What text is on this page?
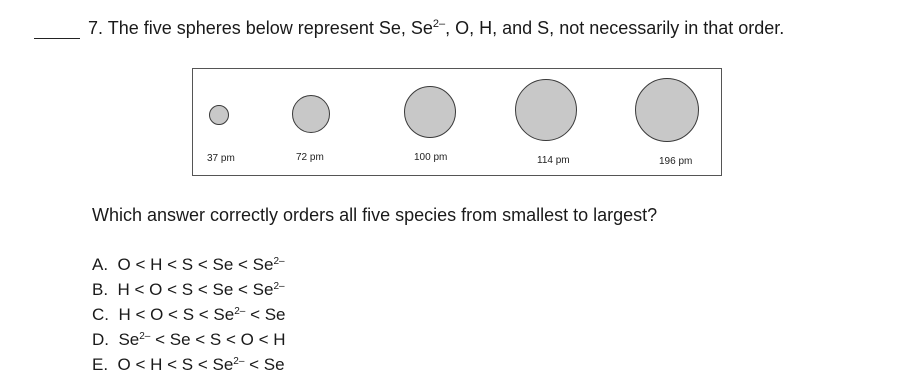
7. The five spheres below represent Se, $Se^{2-}$, O, H, and S, not necessarily in that order.
37 pm	72 pm	100 pm	114 pm	196 pm
Which answer correctly orders all five species from smallest to largest?
A. $O < H < S < Se < Se^{2-}$
B. $H < O < S < Se < Se^{2-}$
C. $H < O < S < Se^{2-} < Se$
D. $Se^{2-} < Se < S < O < H$
E. $O < H < S < Se^{2-} < Se$
